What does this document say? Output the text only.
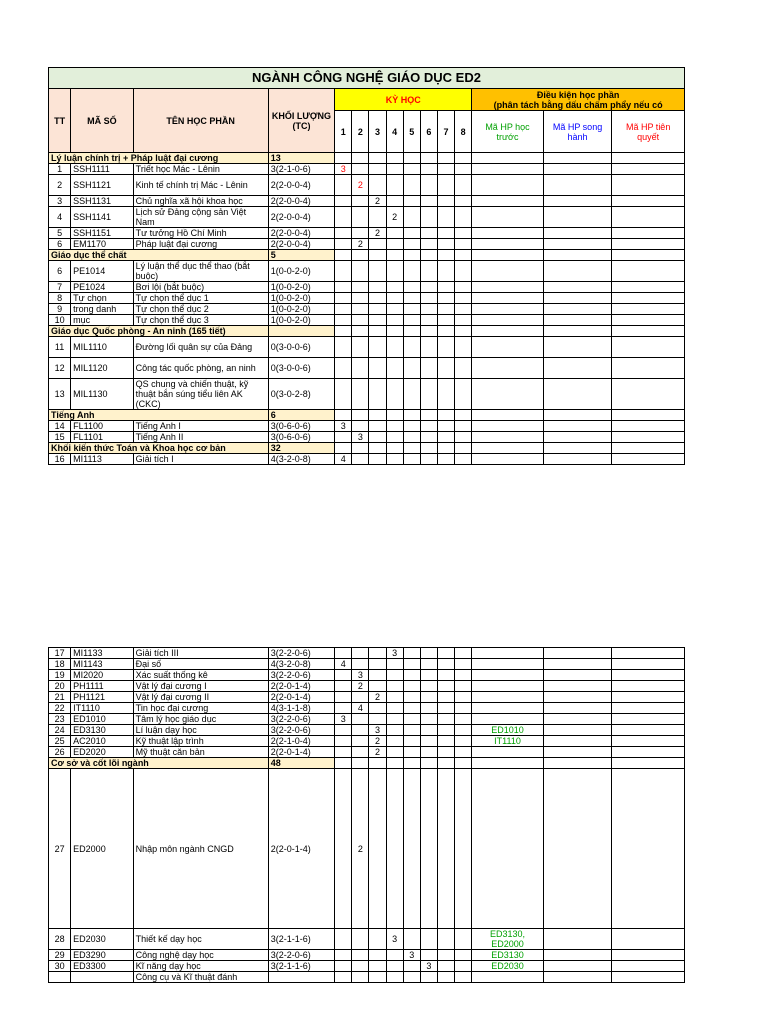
NGÀNH CÔNG NGHỆ GIÁO DỤC ED2														
TT	MÃ SỐ	TÊN HỌC PHẦN	KHỐI LƯỢNG (TC)	KỲ HỌC								Điều kiện học phần
(phân tách bằng dấu chấm phẩy nếu có		

				1	2	3	4	5	6	7	8	Mã HP học trước	Mã HP song hành	Mã HP tiên quyết
Lý luận chính trị + Pháp luật đại cương			13											
1	SSH1111	Triết học Mác - Lênin	3(2-1-0-6)	3										
2	SSH1121	Kinh tế chính trị Mác - Lênin	2(2-0-0-4)		2									
3	SSH1131	Chủ nghĩa xã hội khoa học	2(2-0-0-4)			2								
4	SSH1141	Lịch sử Đảng cộng sản Việt Nam	2(2-0-0-4)				2							
5	SSH1151	Tư tưởng Hồ Chí Minh	2(2-0-0-4)			2								
6	EM1170	Pháp luật đại cương	2(2-0-0-4)		2									
Giáo dục thể chất			5											
6	PE1014	Lý luận thể dục thể thao (bắt buộc)	1(0-0-2-0)											
7	PE1024	Bơi lội (bắt buộc)	1(0-0-2-0)											
8	Tự chọn	Tự chọn thể dục 1	1(0-0-2-0)											
9	trong danh	Tự chọn thể dục 2	1(0-0-2-0)											
10	mục	Tự chọn thể dục 3	1(0-0-2-0)											
Giáo dục Quốc phòng - An ninh (165 tiết)														
11	MIL1110	Đường lối quân sự của Đảng	0(3-0-0-6)											
12	MIL1120	Công tác quốc phòng, an ninh	0(3-0-0-6)											
13	MIL1130	QS chung và chiến thuật, kỹ thuật bắn súng tiểu liên AK (CKC)	0(3-0-2-8)											
Tiếng Anh			6											
14	FL1100	Tiếng Anh I	3(0-6-0-6)	3										
15	FL1101	Tiếng Anh II	3(0-6-0-6)		3									
Khối kiến thức Toán và Khoa học cơ bản			32											
16	MI1113	Giải tích I	4(3-2-0-8)	4										
17	MI1133	Giải tích III	3(2-2-0-6)				3							
18	MI1143	Đại số	4(3-2-0-8)	4										
19	MI2020	Xác suất thống kê	3(2-2-0-6)		3									
20	PH1111	Vật lý đại cương I	2(2-0-1-4)		2									
21	PH1121	Vật lý đại cương II	2(2-0-1-4)			2								
22	IT1110	Tin học đại cương	4(3-1-1-8)		4									
23	ED1010	Tâm lý học giáo dục	3(2-2-0-6)	3										
24	ED3130	Lí luận dạy học	3(2-2-0-6)			3						ED1010		
25	AC2010	Kỹ thuật lập trình	2(2-1-0-4)			2						IT1110		
26	ED2020	Mỹ thuật căn bản	2(2-0-1-4)			2								
Cơ sở và cốt lõi ngành			48											
27	ED2000	Nhập môn ngành CNGD	2(2-0-1-4)		2									
28	ED2030	Thiết kế dạy học	3(2-1-1-6)				3					ED3130, ED2000		
29	ED3290	Công nghệ dạy học	3(2-2-0-6)					3				ED3130		
30	ED3300	Kĩ năng dạy học	3(2-1-1-6)						3			ED2030		
		Công cụ và Kĩ thuật đánh												
